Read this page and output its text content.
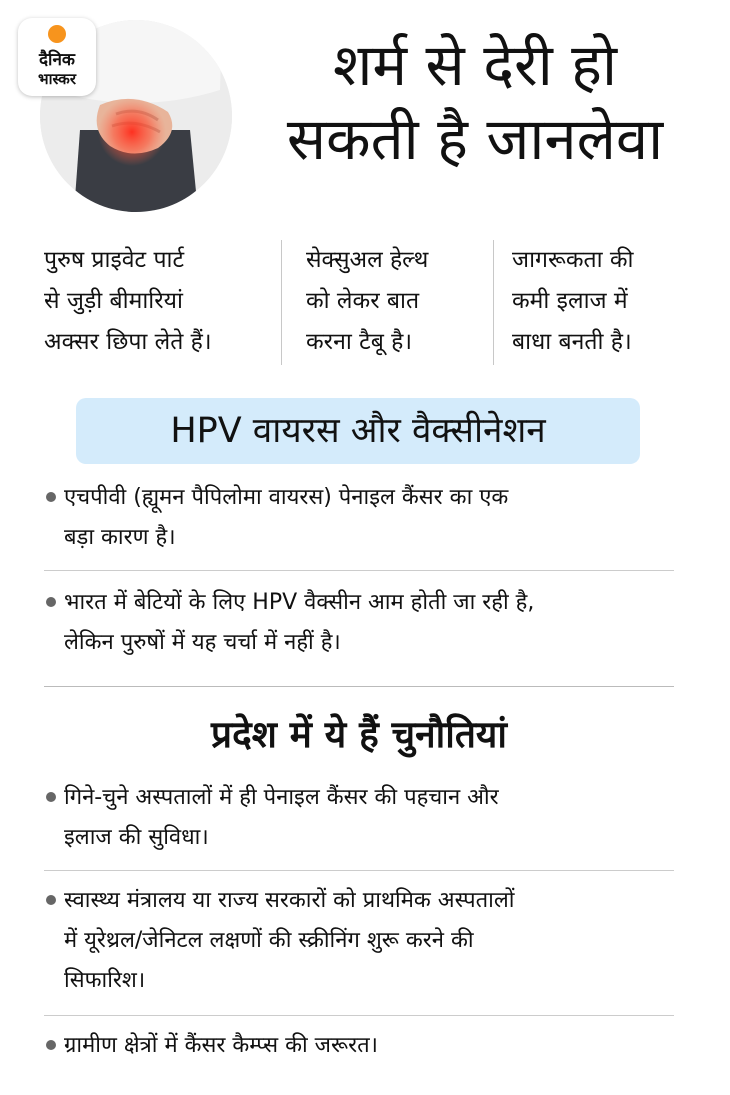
दैनिक
भास्कर	शर्म से देरी हो
सकती है जानलेवा
पुरुष प्राइवेट पार्ट
से जुड़ी बीमारियां
अक्सर छिपा लेते हैं।
सेक्सुअल हेल्थ
को लेकर बात
करना टैबू है।
जागरूकता की
कमी इलाज में
बाधा बनती है।
HPV वायरस और वैक्सीनेशन
एचपीवी (ह्यूमन पैपिलोमा वायरस) पेनाइल कैंसर का एक
बड़ा कारण है।
भारत में बेटियों के लिए HPV वैक्सीन आम होती जा रही है,
लेकिन पुरुषों में यह चर्चा में नहीं है।
प्रदेश में ये हैं चुनौतियां
गिने-चुने अस्पतालों में ही पेनाइल कैंसर की पहचान और
इलाज की सुविधा।
स्वास्थ्य मंत्रालय या राज्य सरकारों को प्राथमिक अस्पतालों
में यूरेथ्रल/जेनिटल लक्षणों की स्क्रीनिंग शुरू करने की
सिफारिश।
ग्रामीण क्षेत्रों में कैंसर कैम्प्स की जरूरत।
